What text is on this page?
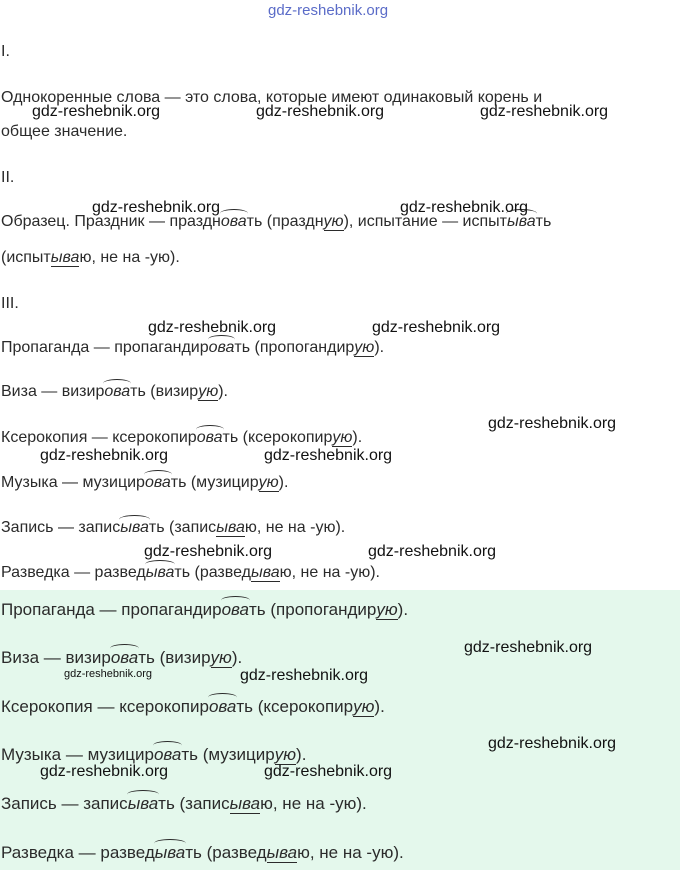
gdz-reshebnik.org
I.
Однокоренные слова — это слова, которые имеют одинаковый корень и
общее значение.
II.
Образец. Праздник — праздновать (праздную), испытание — испытывать
(испытываю, не на -ую).
III.
Пропаганда — пропагандировать (пропогандирую).
Виза — визировать (визирую).
Ксерокопия — ксерокопировать (ксерокопирую).
Музыка — музицировать (музицирую).
Запись — записывать (записываю, не на -ую).
Разведка — разведывать (разведываю, не на -ую).
Пропаганда — пропагандировать (пропогандирую).
Виза — визировать (визирую).
Ксерокопия — ксерокопировать (ксерокопирую).
Музыка — музицировать (музицирую).
Запись — записывать (записываю, не на -ую).
Разведка — разведывать (разведываю, не на -ую).
gdz-reshebnik.org	gdz-reshebnik.org	gdz-reshebnik.org
gdz-reshebnik.org	gdz-reshebnik.org
gdz-reshebnik.org	gdz-reshebnik.org
gdz-reshebnik.org
gdz-reshebnik.org	gdz-reshebnik.org
gdz-reshebnik.org	gdz-reshebnik.org
gdz-reshebnik.org
gdz-reshebnik.org	gdz-reshebnik.org
gdz-reshebnik.org
gdz-reshebnik.org	gdz-reshebnik.org
